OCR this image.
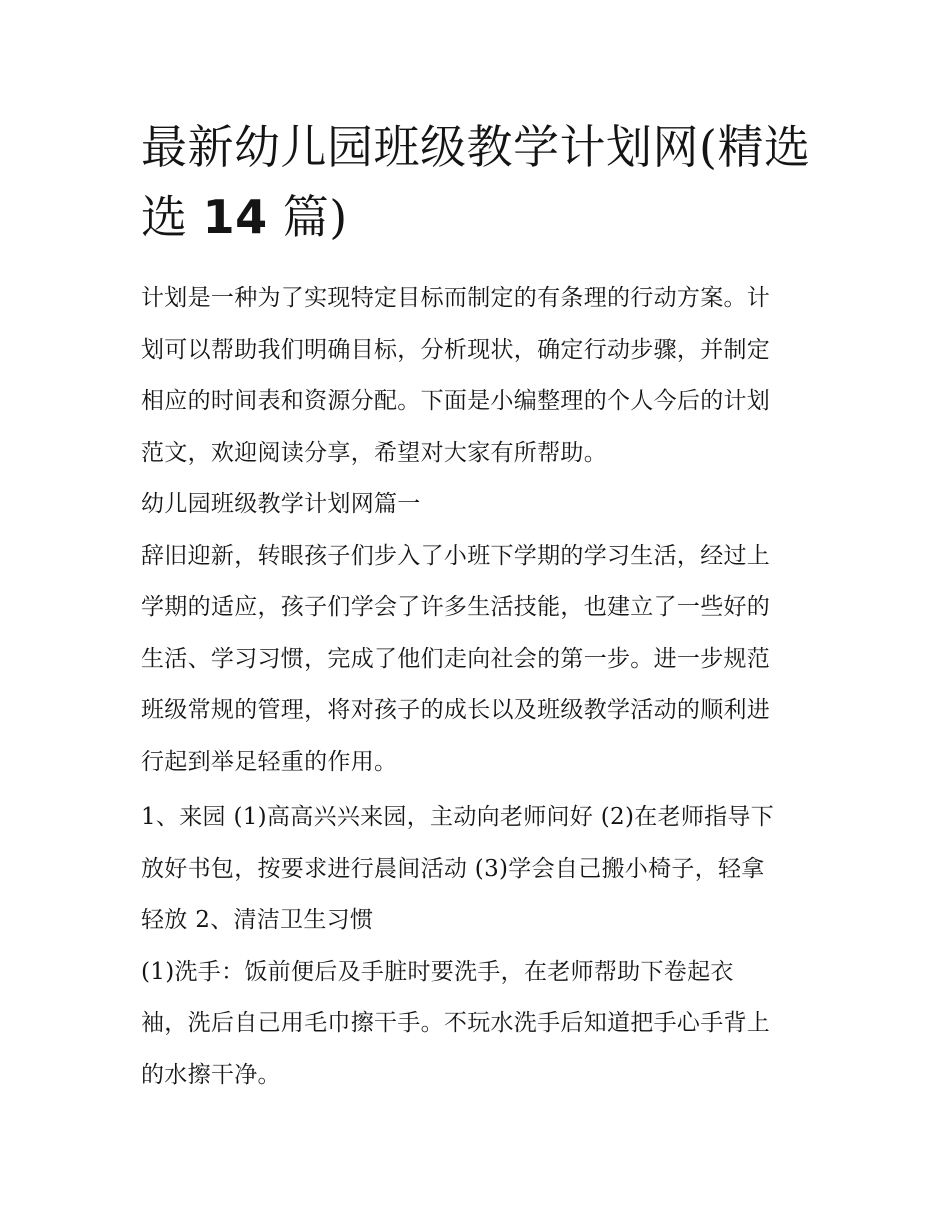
最新幼儿园班级教学计划网(精选
选 14 篇)

计划是一种为了实现特定目标而制定的有条理的行动方案。计

划可以帮助我们明确目标，分析现状，确定行动步骤，并制定

相应的时间表和资源分配。下面是小编整理的个人今后的计划

范文，欢迎阅读分享，希望对大家有所帮助。

幼儿园班级教学计划网篇一

辞旧迎新，转眼孩子们步入了小班下学期的学习生活，经过上

学期的适应，孩子们学会了许多生活技能，也建立了一些好的

生活、学习习惯，完成了他们走向社会的第一步。进一步规范

班级常规的管理，将对孩子的成长以及班级教学活动的顺利进

行起到举足轻重的作用。

1、来园 (1)高高兴兴来园，主动向老师问好 (2)在老师指导下

放好书包，按要求进行晨间活动 (3)学会自己搬小椅子，轻拿

轻放 2、清洁卫生习惯

(1)洗手：饭前便后及手脏时要洗手，在老师帮助下卷起衣

袖，洗后自己用毛巾擦干手。不玩水洗手后知道把手心手背上

的水擦干净。
